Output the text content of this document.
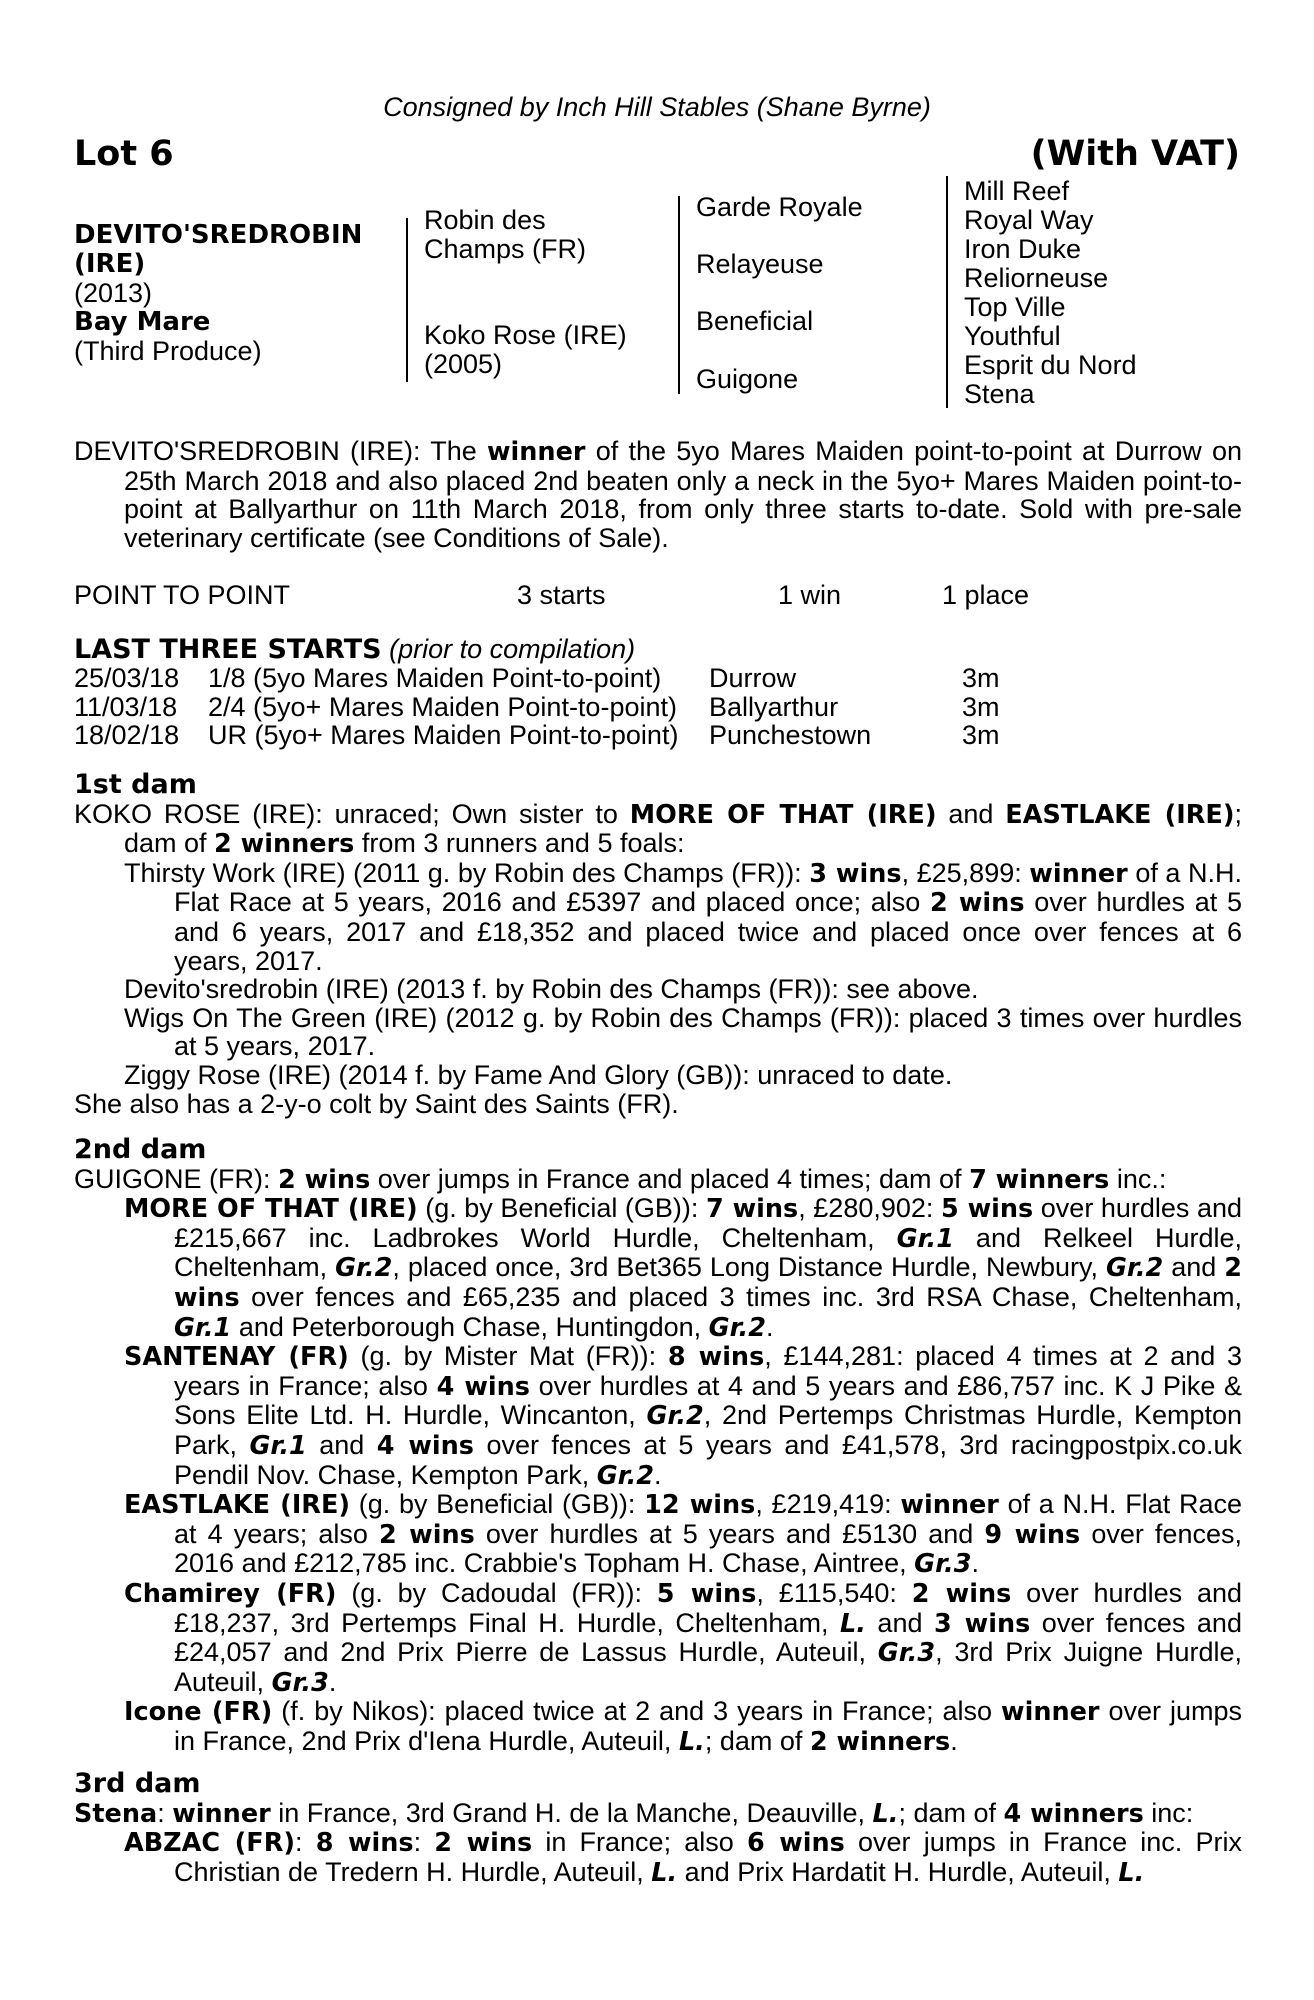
Consigned by Inch Hill Stables (Shane Byrne)
Lot 6	(With VAT)
DEVITO'SREDROBIN
(IRE)
(2013)
Bay Mare
(Third Produce)
Robin des
Champs (FR)
Koko Rose (IRE)
(2005)
Garde Royale
Relayeuse
Beneficial
Guigone
Mill Reef
Royal Way
Iron Duke
Reliorneuse
Top Ville
Youthful
Esprit du Nord
Stena
DEVITO'SREDROBIN (IRE): The winner of the 5yo Mares Maiden point-to-point at Durrow on 25th March 2018 and also placed 2nd beaten only a neck in the 5yo+ Mares Maiden point-to-point at Ballyarthur on 11th March 2018, from only three starts to-date. Sold with pre-sale veterinary certificate (see Conditions of Sale).
POINT TO POINT	3 starts	1 win	1 place
LAST THREE STARTS (prior to compilation)
25/03/18 1/8 (5yo Mares Maiden Point-to-point) Durrow	3m
11/03/18 2/4 (5yo+ Mares Maiden Point-to-point) Ballyarthur	3m
18/02/18 UR (5yo+ Mares Maiden Point-to-point) Punchestown	3m
1st dam
KOKO ROSE (IRE): unraced; Own sister to MORE OF THAT (IRE) and EASTLAKE (IRE); dam of 2 winners from 3 runners and 5 foals:
Thirsty Work (IRE) (2011 g. by Robin des Champs (FR)): 3 wins, £25,899: winner of a N.H. Flat Race at 5 years, 2016 and £5397 and placed once; also 2 wins over hurdles at 5 and 6 years, 2017 and £18,352 and placed twice and placed once over fences at 6 years, 2017.
Devito'sredrobin (IRE) (2013 f. by Robin des Champs (FR)): see above.
Wigs On The Green (IRE) (2012 g. by Robin des Champs (FR)): placed 3 times over hurdles at 5 years, 2017.
Ziggy Rose (IRE) (2014 f. by Fame And Glory (GB)): unraced to date.
She also has a 2-y-o colt by Saint des Saints (FR).
2nd dam
GUIGONE (FR): 2 wins over jumps in France and placed 4 times; dam of 7 winners inc.:
MORE OF THAT (IRE) (g. by Beneficial (GB)): 7 wins, £280,902: 5 wins over hurdles and £215,667 inc. Ladbrokes World Hurdle, Cheltenham, Gr.1 and Relkeel Hurdle, Cheltenham, Gr.2, placed once, 3rd Bet365 Long Distance Hurdle, Newbury, Gr.2 and 2 wins over fences and £65,235 and placed 3 times inc. 3rd RSA Chase, Cheltenham, Gr.1 and Peterborough Chase, Huntingdon, Gr.2.
SANTENAY (FR) (g. by Mister Mat (FR)): 8 wins, £144,281: placed 4 times at 2 and 3 years in France; also 4 wins over hurdles at 4 and 5 years and £86,757 inc. K J Pike & Sons Elite Ltd. H. Hurdle, Wincanton, Gr.2, 2nd Pertemps Christmas Hurdle, Kempton Park, Gr.1 and 4 wins over fences at 5 years and £41,578, 3rd racingpostpix.co.uk Pendil Nov. Chase, Kempton Park, Gr.2.
EASTLAKE (IRE) (g. by Beneficial (GB)): 12 wins, £219,419: winner of a N.H. Flat Race at 4 years; also 2 wins over hurdles at 5 years and £5130 and 9 wins over fences, 2016 and £212,785 inc. Crabbie's Topham H. Chase, Aintree, Gr.3.
Chamirey (FR) (g. by Cadoudal (FR)): 5 wins, £115,540: 2 wins over hurdles and £18,237, 3rd Pertemps Final H. Hurdle, Cheltenham, L. and 3 wins over fences and £24,057 and 2nd Prix Pierre de Lassus Hurdle, Auteuil, Gr.3, 3rd Prix Juigne Hurdle, Auteuil, Gr.3.
Icone (FR) (f. by Nikos): placed twice at 2 and 3 years in France; also winner over jumps in France, 2nd Prix d'Iena Hurdle, Auteuil, L.; dam of 2 winners.
3rd dam
Stena: winner in France, 3rd Grand H. de la Manche, Deauville, L.; dam of 4 winners inc:
ABZAC (FR): 8 wins: 2 wins in France; also 6 wins over jumps in France inc. Prix Christian de Tredern H. Hurdle, Auteuil, L. and Prix Hardatit H. Hurdle, Auteuil, L.
